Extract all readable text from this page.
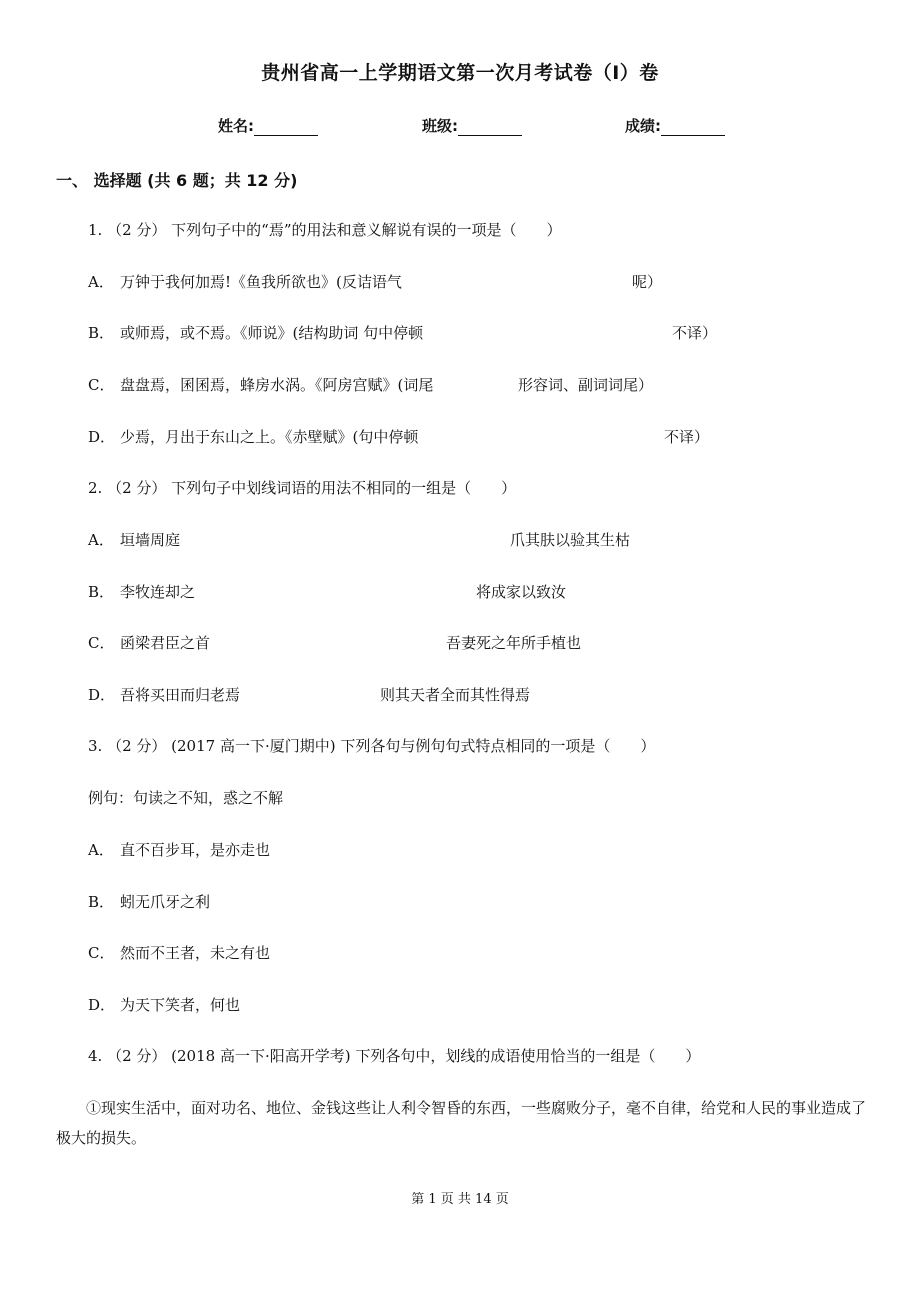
贵州省高一上学期语文第一次月考试卷（I）卷
姓名:	班级:	成绩:
一、 选择题 (共 6 题；共 12 分)
1. （2 分） 下列句子中的“焉”的用法和意义解说有误的一项是（　　）
A． 万钟于我何加焉!《鱼我所欲也》(反诘语气	呢）
B． 或师焉，或不焉。《师说》(结构助词 句中停顿	不译）
C． 盘盘焉，囷囷焉，蜂房水涡。《阿房宫赋》(词尾	形容词、副词词尾）
D． 少焉，月出于东山之上。《赤壁赋》(句中停顿	不译）
2. （2 分） 下列句子中划线词语的用法不相同的一组是（　　）
A． 垣墙周庭	爪其肤以验其生枯
B． 李牧连却之	将成家以致汝
C． 函梁君臣之首	吾妻死之年所手植也
D． 吾将买田而归老焉	则其天者全而其性得焉
3. （2 分） (2017 高一下·厦门期中) 下列各句与例句句式特点相同的一项是（　　）
例句：句读之不知，惑之不解
A． 直不百步耳，是亦走也
B． 蚓无爪牙之利
C． 然而不王者，未之有也
D． 为天下笑者，何也
4. （2 分） (2018 高一下·阳高开学考) 下列各句中，划线的成语使用恰当的一组是（　　）
①现实生活中，面对功名、地位、金钱这些让人利令智昏的东西，一些腐败分子，毫不自律，给党和人民的事业造成了极大的损失。
第 1 页 共 14 页
